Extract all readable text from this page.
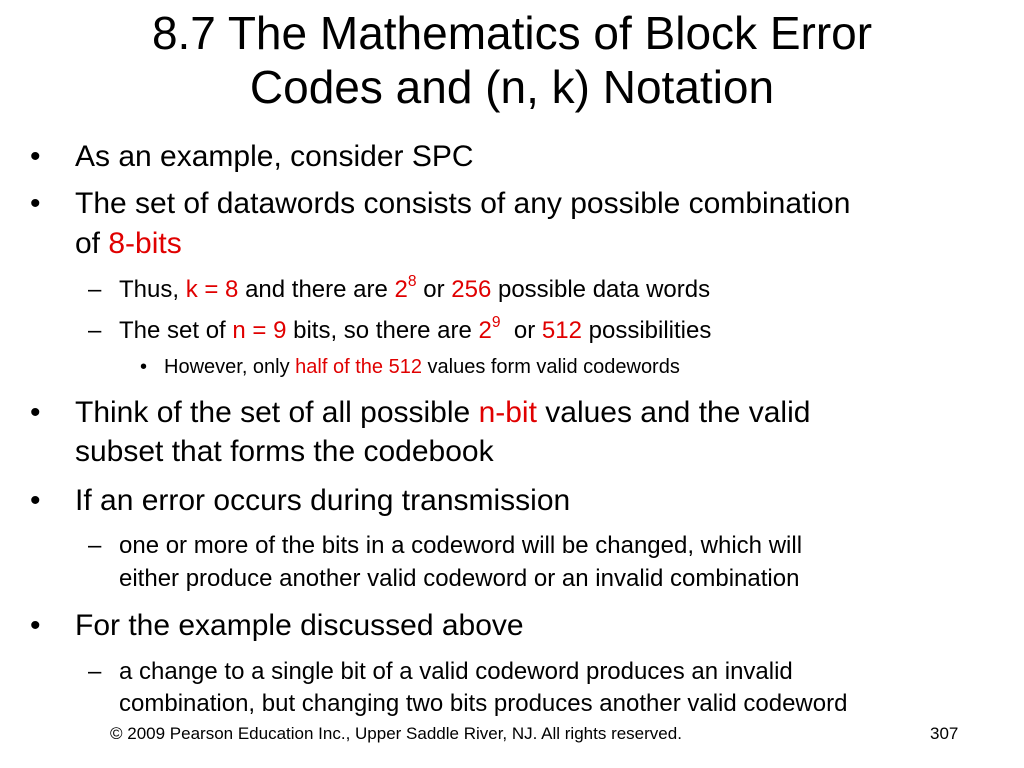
8.7 The Mathematics of Block Error
Codes and (n, k) Notation
• As an example, consider SPC
• The set of datawords consists of any possible combination
of 8-bits
– Thus, k = 8 and there are $2^8$ or 256 possible data words
– The set of n = 9 bits, so there are $2^9$  or 512 possibilities
• However, only half of the 512 values form valid codewords
• Think of the set of all possible n-bit values and the valid
subset that forms the codebook
• If an error occurs during transmission
– one or more of the bits in a codeword will be changed, which will
either produce another valid codeword or an invalid combination
• For the example discussed above
– a change to a single bit of a valid codeword produces an invalid
combination, but changing two bits produces another valid codeword
© 2009 Pearson Education Inc., Upper Saddle River, NJ. All rights reserved.	307
